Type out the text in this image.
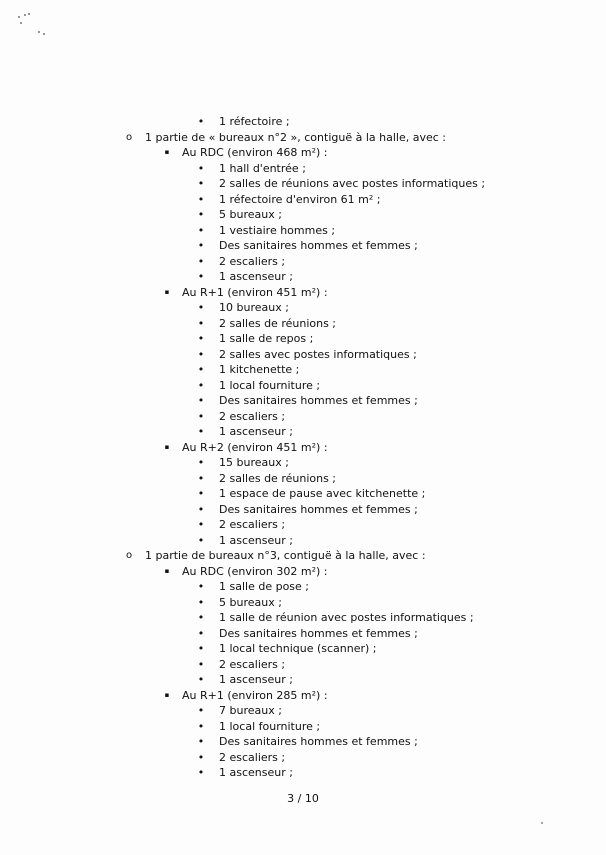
• 1 réfectoire ;
o 1 partie de « bureaux n°2 », contiguë à la halle, avec :
▪ Au RDC (environ 468 m²) :
• 1 hall d'entrée ;
• 2 salles de réunions avec postes informatiques ;
• 1 réfectoire d'environ 61 m² ;
• 5 bureaux ;
• 1 vestiaire hommes ;
• Des sanitaires hommes et femmes ;
• 2 escaliers ;
• 1 ascenseur ;
▪ Au R+1 (environ 451 m²) :
• 10 bureaux ;
• 2 salles de réunions ;
• 1 salle de repos ;
• 2 salles avec postes informatiques ;
• 1 kitchenette ;
• 1 local fourniture ;
• Des sanitaires hommes et femmes ;
• 2 escaliers ;
• 1 ascenseur ;
▪ Au R+2 (environ 451 m²) :
• 15 bureaux ;
• 2 salles de réunions ;
• 1 espace de pause avec kitchenette ;
• Des sanitaires hommes et femmes ;
• 2 escaliers ;
• 1 ascenseur ;
o 1 partie de bureaux n°3, contiguë à la halle, avec :
▪ Au RDC (environ 302 m²) :
• 1 salle de pose ;
• 5 bureaux ;
• 1 salle de réunion avec postes informatiques ;
• Des sanitaires hommes et femmes ;
• 1 local technique (scanner) ;
• 2 escaliers ;
• 1 ascenseur ;
▪ Au R+1 (environ 285 m²) :
• 7 bureaux ;
• 1 local fourniture ;
• Des sanitaires hommes et femmes ;
• 2 escaliers ;
• 1 ascenseur ;
3 / 10
